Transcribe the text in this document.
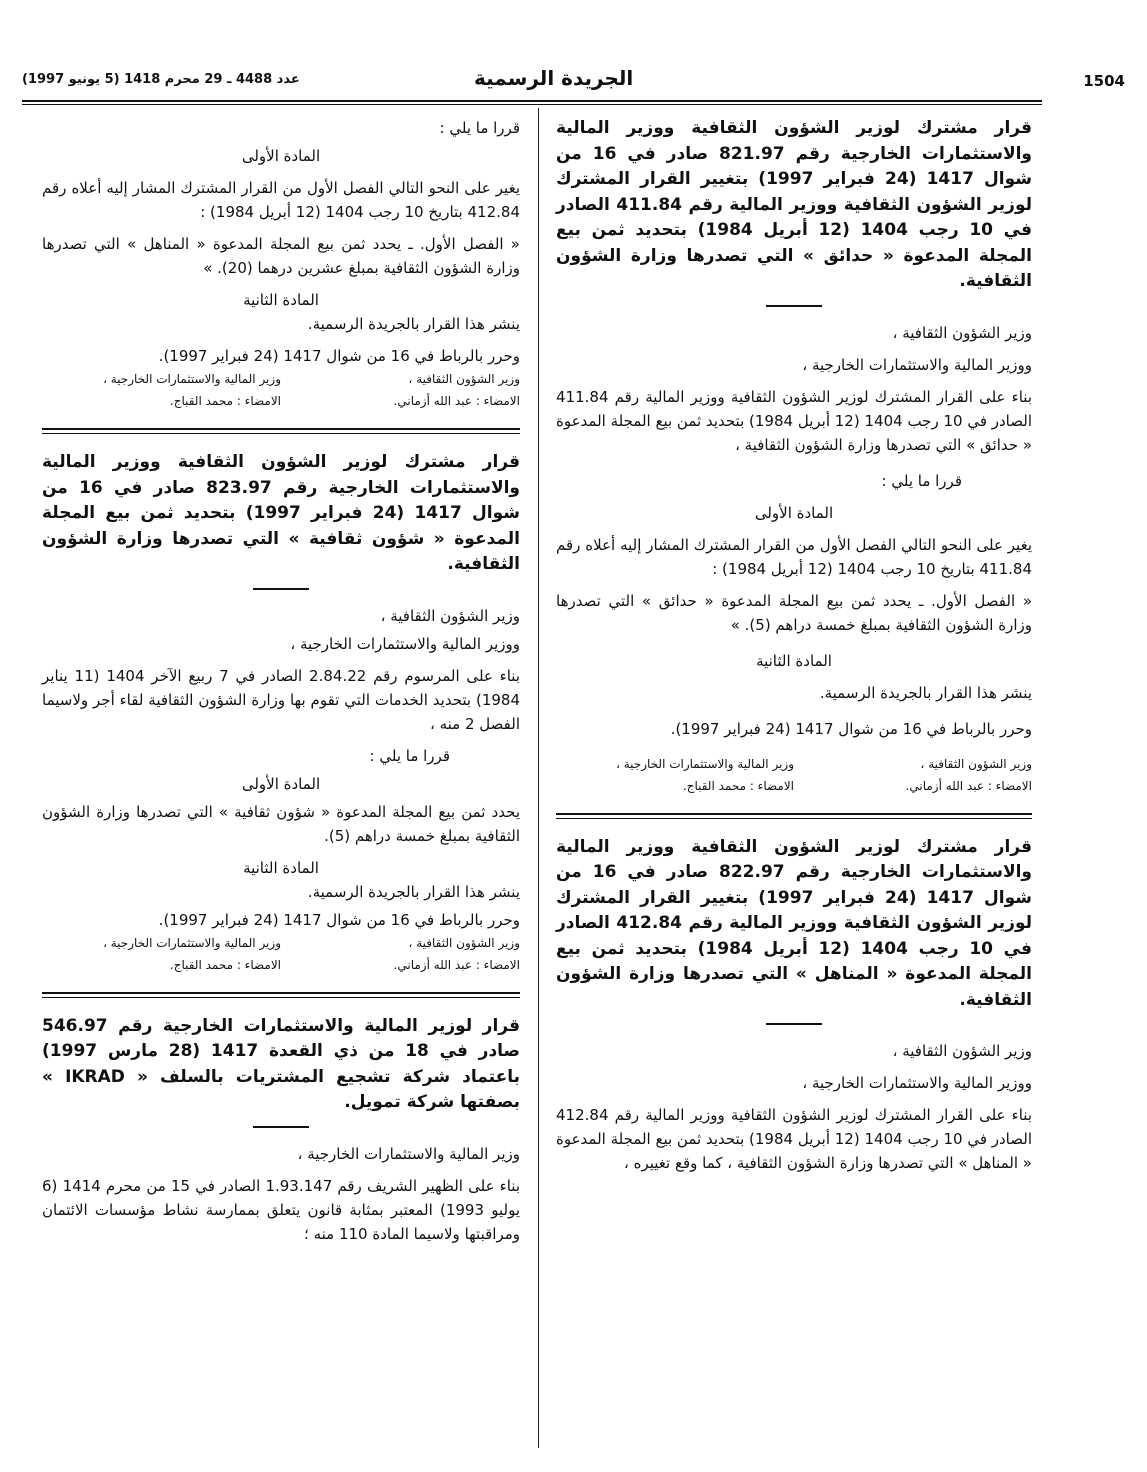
1504
الجريدة الرسمية
عدد 4488 ـ 29 محرم 1418 (5 يونيو 1997)

قرار مشترك لوزير الشؤون الثقافية ووزير المالية والاستثمارات الخارجية رقم 821.97 صادر في 16 من شوال 1417 (24 فبراير 1997) بتغيير القرار المشترك لوزير الشؤون الثقافية ووزير المالية رقم 411.84 الصادر في 10 رجب 1404 (12 أبريل 1984) بتحديد ثمن بيع المجلة المدعوة « حدائق » التي تصدرها وزارة الشؤون الثقافية.

وزير الشؤون الثقافية ،

ووزير المالية والاستثمارات الخارجية ،

بناء على القرار المشترك لوزير الشؤون الثقافية ووزير المالية رقم 411.84 الصادر في 10 رجب 1404 (12 أبريل 1984) بتحديد ثمن بيع المجلة المدعوة « حدائق » التي تصدرها وزارة الشؤون الثقافية ،

قررا ما يلي :

المادة الأولى

يغير على النحو التالي الفصل الأول من القرار المشترك المشار إليه أعلاه رقم 411.84 بتاريخ 10 رجب 1404 (12 أبريل 1984) :

« الفصل الأول. ـ يحدد ثمن بيع المجلة المدعوة « حدائق » التي تصدرها وزارة الشؤون الثقافية بمبلغ خمسة دراهم (5). »

المادة الثانية

ينشر هذا القرار بالجريدة الرسمية.

وحرر بالرباط في 16 من شوال 1417 (24 فبراير 1997).

وزير الشؤون الثقافية ،
وزير المالية والاستثمارات الخارجية ،
الامضاء : عبد الله أزماني.
الامضاء : محمد القباج.

قرار مشترك لوزير الشؤون الثقافية ووزير المالية والاستثمارات الخارجية رقم 822.97 صادر في 16 من شوال 1417 (24 فبراير 1997) بتغيير القرار المشترك لوزير الشؤون الثقافية ووزير المالية رقم 412.84 الصادر في 10 رجب 1404 (12 أبريل 1984) بتحديد ثمن بيع المجلة المدعوة « المناهل » التي تصدرها وزارة الشؤون الثقافية.

وزير الشؤون الثقافية ،

ووزير المالية والاستثمارات الخارجية ،

بناء على القرار المشترك لوزير الشؤون الثقافية ووزير المالية رقم 412.84 الصادر في 10 رجب 1404 (12 أبريل 1984) بتحديد ثمن بيع المجلة المدعوة « المناهل » التي تصدرها وزارة الشؤون الثقافية ، كما وقع تغييره ،

قررا ما يلي :

المادة الأولى

يغير على النحو التالي الفصل الأول من القرار المشترك المشار إليه أعلاه رقم 412.84 بتاريخ 10 رجب 1404 (12 أبريل 1984) :

« الفصل الأول. ـ يحدد ثمن بيع المجلة المدعوة « المناهل » التي تصدرها وزارة الشؤون الثقافية بمبلغ عشرين درهما (20). »

المادة الثانية

ينشر هذا القرار بالجريدة الرسمية.

وحرر بالرباط في 16 من شوال 1417 (24 فبراير 1997).

وزير الشؤون الثقافية ،
وزير المالية والاستثمارات الخارجية ،
الامضاء : عبد الله أزماني.
الامضاء : محمد القباج.

قرار مشترك لوزير الشؤون الثقافية ووزير المالية والاستثمارات الخارجية رقم 823.97 صادر في 16 من شوال 1417 (24 فبراير 1997) بتحديد ثمن بيع المجلة المدعوة « شؤون ثقافية » التي تصدرها وزارة الشؤون الثقافية.

وزير الشؤون الثقافية ،

ووزير المالية والاستثمارات الخارجية ،

بناء على المرسوم رقم 2.84.22 الصادر في 7 ربيع الآخر 1404 (11 يناير 1984) بتحديد الخدمات التي تقوم بها وزارة الشؤون الثقافية لقاء أجر ولاسيما الفصل 2 منه ،

قررا ما يلي :

المادة الأولى

يحدد ثمن بيع المجلة المدعوة « شؤون ثقافية » التي تصدرها وزارة الشؤون الثقافية بمبلغ خمسة دراهم (5).

المادة الثانية

ينشر هذا القرار بالجريدة الرسمية.

وحرر بالرباط في 16 من شوال 1417 (24 فبراير 1997).

وزير الشؤون الثقافية ،
وزير المالية والاستثمارات الخارجية ،
الامضاء : عبد الله أزماني.
الامضاء : محمد القباج.

قرار لوزير المالية والاستثمارات الخارجية رقم 546.97 صادر في 18 من ذي القعدة 1417 (28 مارس 1997) باعتماد شركة تشجيع المشتريات بالسلف « IKRAD » بصفتها شركة تمويل.

وزير المالية والاستثمارات الخارجية ،

بناء على الظهير الشريف رقم 1.93.147 الصادر في 15 من محرم 1414 (6 يوليو 1993) المعتبر بمثابة قانون يتعلق بممارسة نشاط مؤسسات الائتمان ومراقبتها ولاسيما المادة 110 منه ؛
